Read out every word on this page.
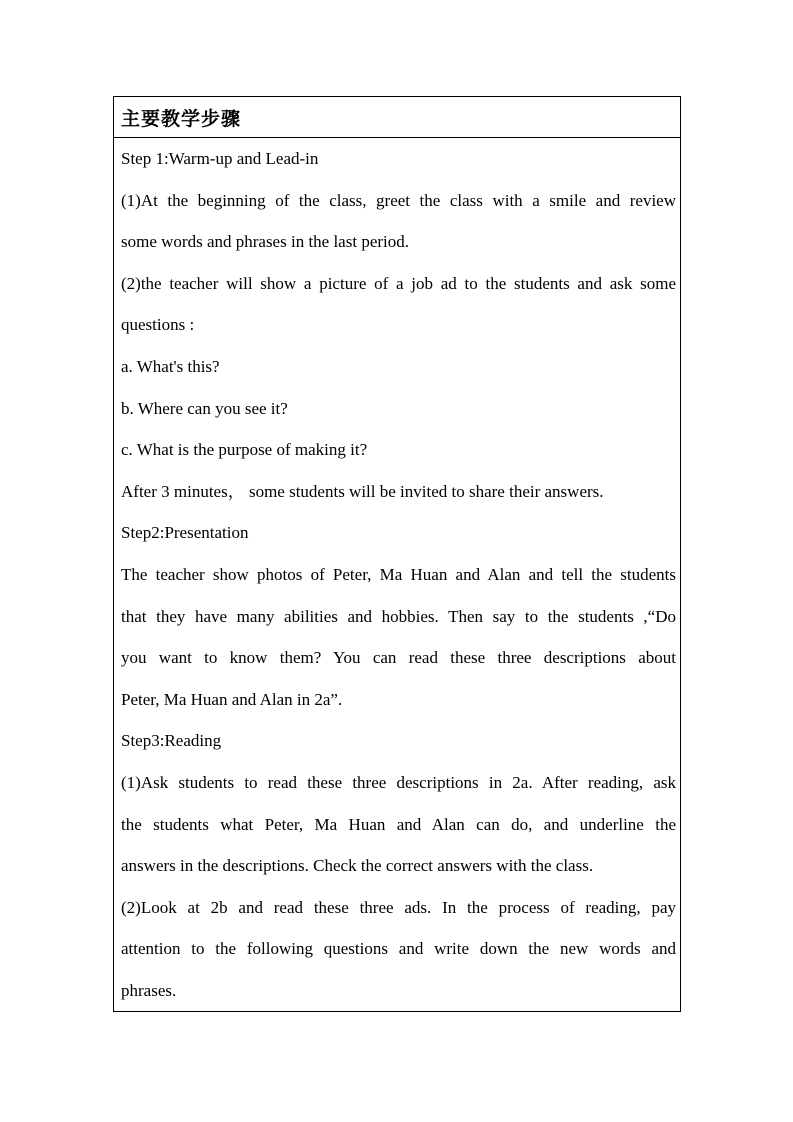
主要教学步骤
Step 1:Warm-up and Lead-in
(1)At the beginning of the class, greet the class with a smile and review
some words and phrases in the last period.
(2)the teacher will show a picture of a job ad to the students and ask some
questions :
a. What's this?
b. Where can you see it?
c. What is the purpose of making it?
After 3 minutes， some students will be invited to share their answers.
Step2:Presentation
The teacher show photos of Peter, Ma Huan and Alan and tell the students
that they have many abilities and hobbies. Then say to the students ,“Do
you want to know them? You can read these three descriptions about
Peter, Ma Huan and Alan in 2a”.
Step3:Reading
(1)Ask students to read these three descriptions in 2a. After reading, ask
the students what Peter, Ma Huan and Alan can do, and underline the
answers in the descriptions. Check the correct answers with the class.
(2)Look at 2b and read these three ads. In the process of reading, pay
attention to the following questions and write down the new words and
phrases.
